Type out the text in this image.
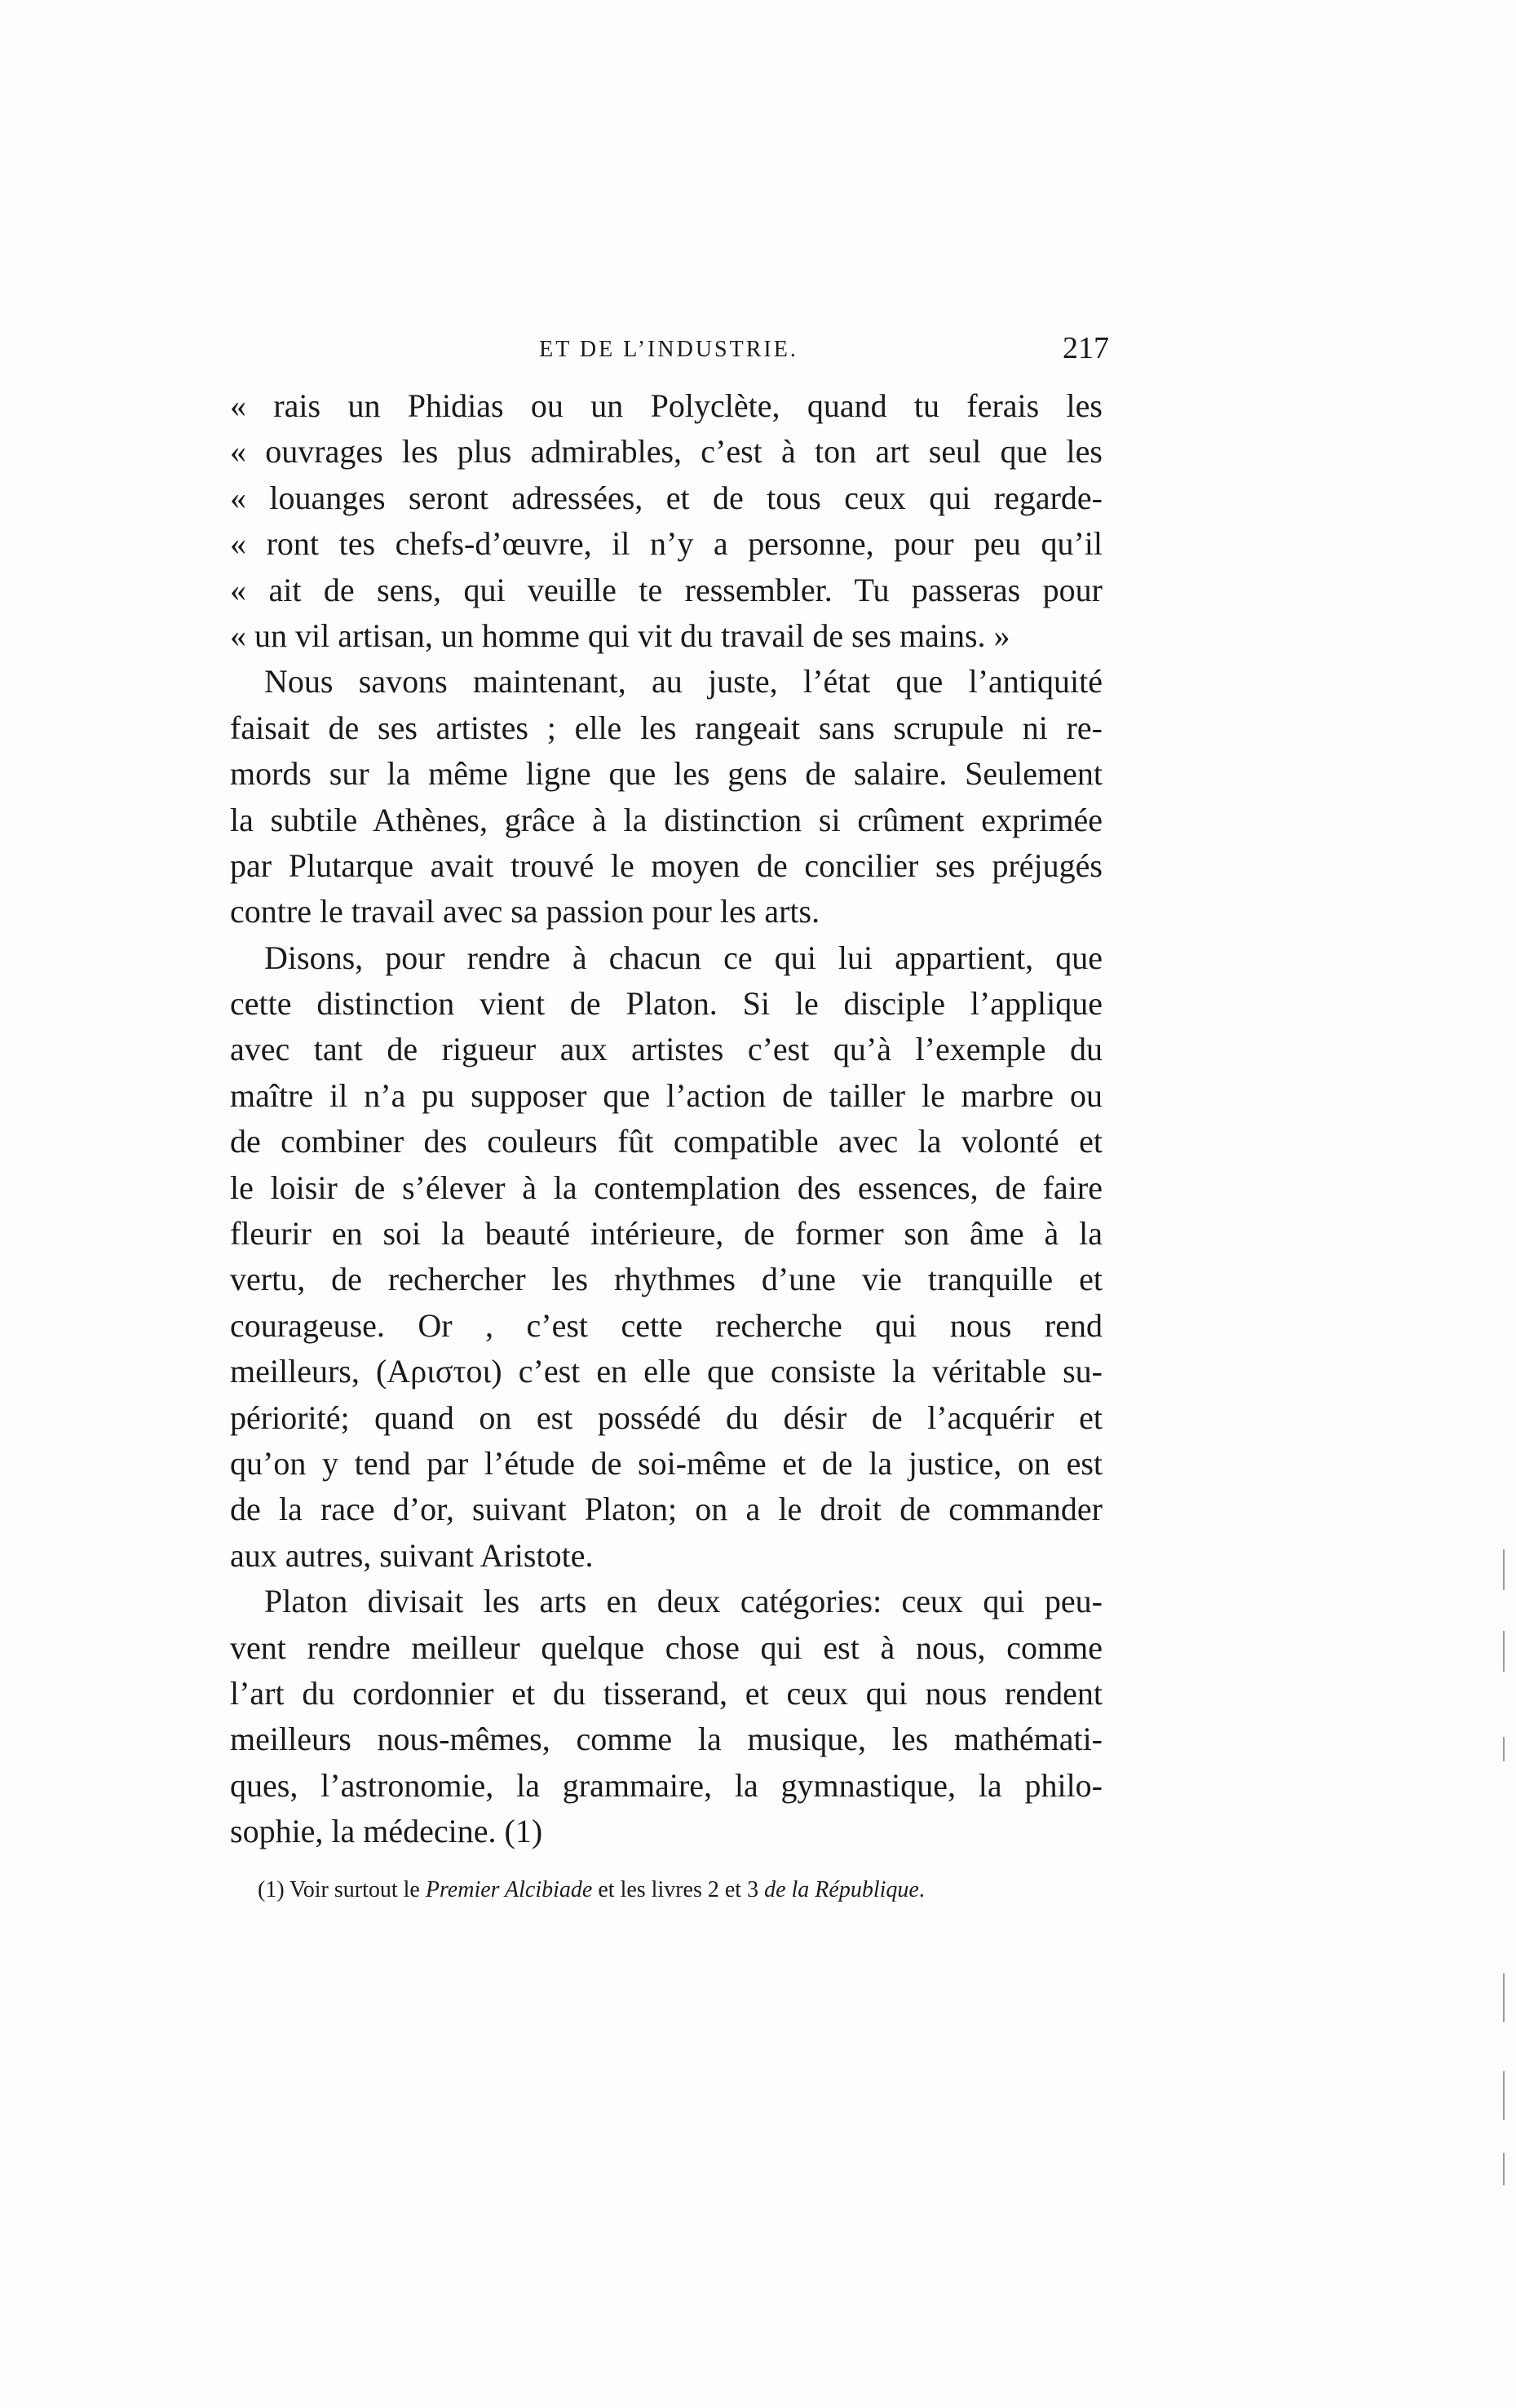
ET DE L’INDUSTRIE.	217
« rais un Phidias ou un Polyclète, quand tu ferais les
« ouvrages les plus admirables, c’est à ton art seul que les
« louanges seront adressées, et de tous ceux qui regarde-
« ront tes chefs-d’œuvre, il n’y a personne, pour peu qu’il
« ait de sens, qui veuille te ressembler. Tu passeras pour
« un vil artisan, un homme qui vit du travail de ses mains. »
Nous savons maintenant, au juste, l’état que l’antiquité
faisait de ses artistes ; elle les rangeait sans scrupule ni re-
mords sur la même ligne que les gens de salaire. Seulement
la subtile Athènes, grâce à la distinction si crûment exprimée
par Plutarque avait trouvé le moyen de concilier ses préjugés
contre le travail avec sa passion pour les arts.
Disons, pour rendre à chacun ce qui lui appartient, que
cette distinction vient de Platon. Si le disciple l’applique
avec tant de rigueur aux artistes c’est qu’à l’exemple du
maître il n’a pu supposer que l’action de tailler le marbre ou
de combiner des couleurs fût compatible avec la volonté et
le loisir de s’élever à la contemplation des essences, de faire
fleurir en soi la beauté intérieure, de former son âme à la
vertu, de rechercher les rhythmes d’une vie tranquille et
courageuse. Or , c’est cette recherche qui nous rend
meilleurs, (Αριστοι) c’est en elle que consiste la véritable su-
périorité; quand on est possédé du désir de l’acquérir et
qu’on y tend par l’étude de soi-même et de la justice, on est
de la race d’or, suivant Platon; on a le droit de commander
aux autres, suivant Aristote.
Platon divisait les arts en deux catégories: ceux qui peu-
vent rendre meilleur quelque chose qui est à nous, comme
l’art du cordonnier et du tisserand, et ceux qui nous rendent
meilleurs nous-mêmes, comme la musique, les mathémati-
ques, l’astronomie, la grammaire, la gymnastique, la philo-
sophie, la médecine. (1)
(1) Voir surtout le Premier Alcibiade et les livres 2 et 3 de la République.
